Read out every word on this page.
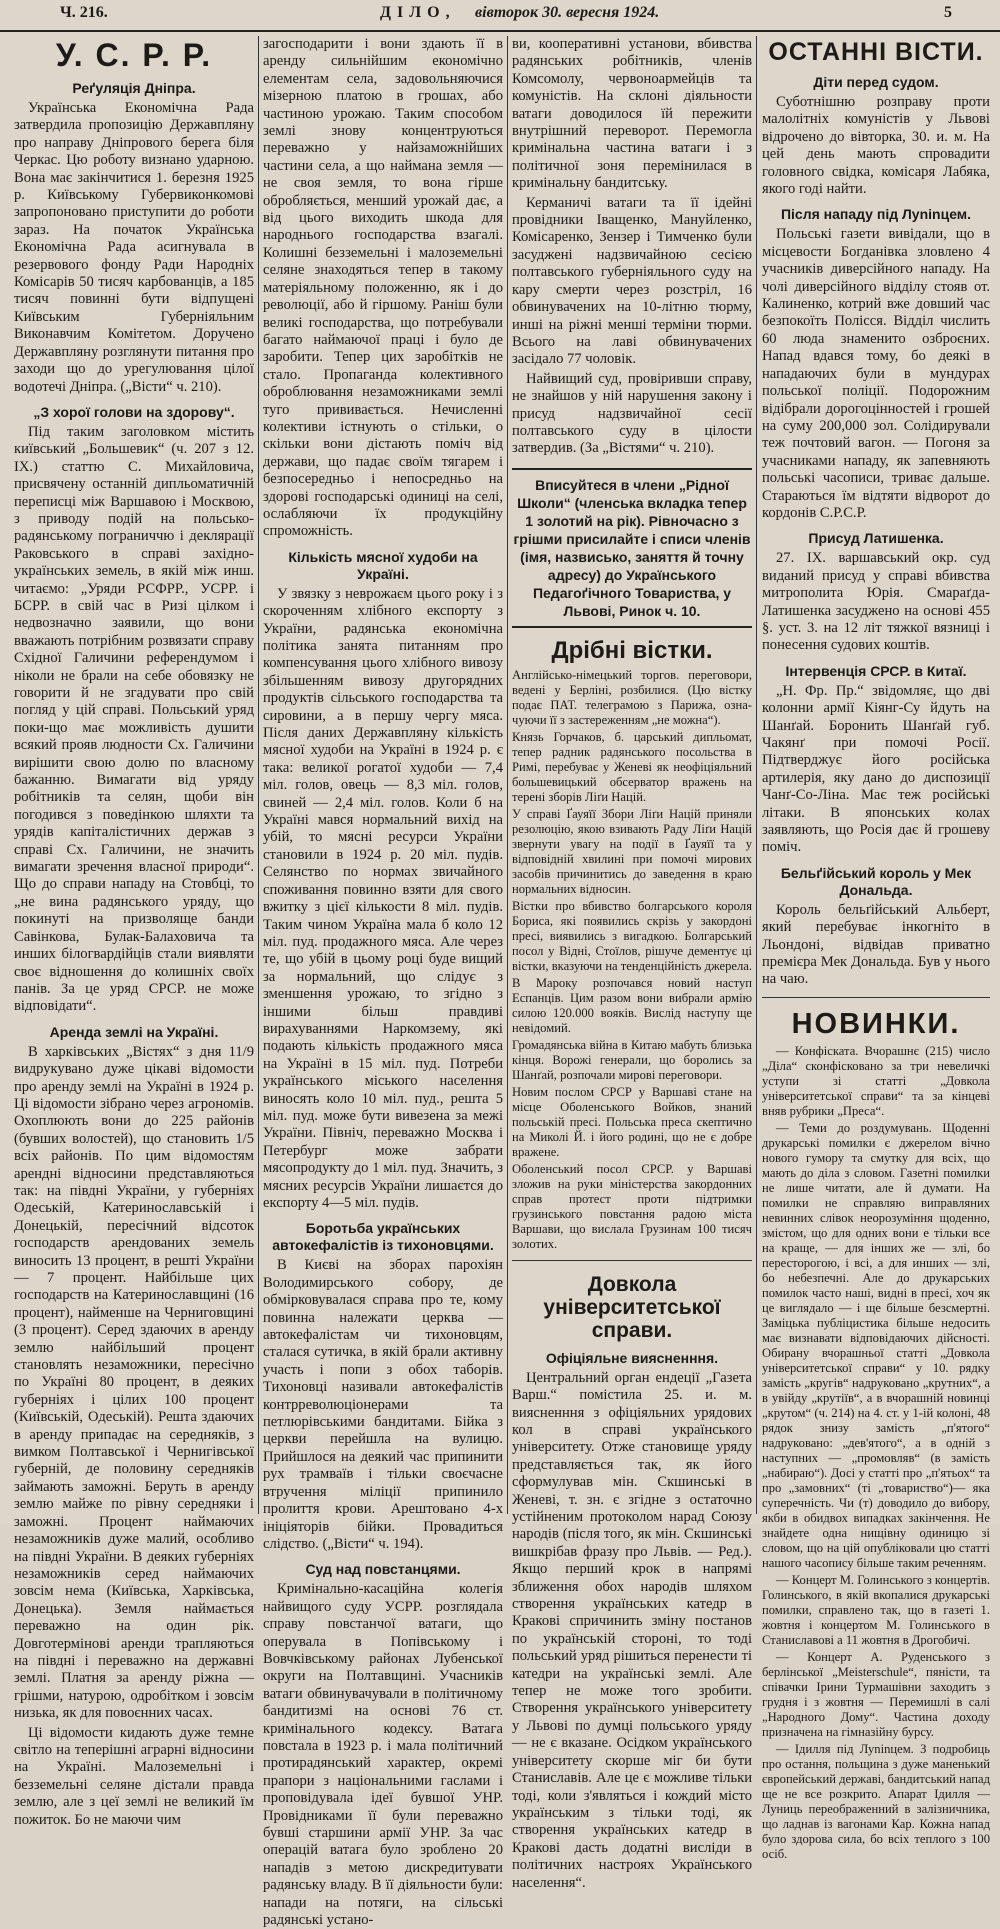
Ч. 216.	ДІЛО, вівторок 30. вересня 1924.	5
У. С. Р. Р.
Реґуляція Дніпра.

Українська Економічна Рада затвердила пропозицію Державпляну про направу Дніпрового берега біля Черкас. Цю роботу визнано ударною. Вона має закінчитися 1. березня 1925 р. Київському Губервиконкомові запропоновано приступити до роботи зараз. На початок Українська Економічна Рада асигнувала в резервового фонду Ради Народніх Комісарів 50 тисяч карбованців, а 185 тисяч повинні бути відпущені Київським Губерніяльним Виконавчим Комітетом. Доручено Державпляну розглянути питання про заходи що до урегулювання цілої водотечі Дніпра. („Вісти“ ч. 210).

„З хорої голови на здорову“.

Під таким заголовком містить київський „Большевик“ (ч. 207 з 12. IX.) статтю С. Михайловича, присвячену останній дипльоматичній переписці між Варшавою і Москвою, з приводу подій на польсько-радянському пограниччю і деклярації Раковського в справі західно-українських земель, в якій між инш. читаємо: „Уряди РСФРР., УСРР. і БСРР. в свій час в Ризі цілком і недвозначно заявили, що вони вважають потрібним розвязати справу Східної Галичини референдумом і ніколи не брали на себе обовязку не говорити й не згадувати про свій погляд у цій справі. Польський уряд поки-що має можливість душити всякий прояв людности Сх. Галичини вирішити свою долю по власному бажанню. Вимагати від уряду робітників та селян, щоби він погодився з поведінкою шляхти та урядів капіталістичних держав з справі Сх. Галичини, не значить вимагати зречення власної природи“. Що до справи нападу на Стовбці, то „не вина радянського уряду, що покинуті на призволяще банди Савінкова, Булак-Балаховича та инших білогвардійців стали виявляти своє відношення до колишніх своїх панів. За це уряд СРСР. не може відповідати“.

Аренда землі на Україні.

В харківських „Вістях“ з дня 11/9 видрукувано дуже цікаві відомости про аренду землі на Україні в 1924 р. Ці відомости зібрано через агрономів. Охоплюють вони до 225 районів (бувших волостей), що становить 1/5 всіх районів. По цим відомостям арендні відносини представляються так: на півдні України, у губерніях Одеській, Катеринославській і Донецькій, пересічний відсоток господарств арендованих земель виносить 13 процент, в решті України — 7 процент. Найбільше цих господарств на Катеринославщині (16 процент), найменше на Черниговщині (3 процент). Серед здаючих в аренду землю найбільший процент становлять незаможники, пересічно по Україні 80 процент, в деяких губерніях і цілих 100 процент (Київській, Одеській). Решта здаючих в аренду припадає на середняків, з вимком Полтавської і Чернигівської губерній, де половину середняків займають заможні. Беруть в аренду землю майже по рівну середняки і заможні. Процент наймаючих незаможників дуже малий, особливо на півдні України. В деяких губерніях незаможників серед наймаючих зовсім нема (Київська, Харківська, Донецька). Земля наймається переважно на один рік. Довготермінові аренди трапляються на півдні і переважно на державні землі. Платня за аренду ріжна — грішми, натурою, одробітком і зовсім низька, як для повоєнних часах.

Ці відомости кидають дуже темне світло на теперішні аграрні відносини на Україні. Малоземельні і безземельні селяне дістали правда землю, але з цеї землі не великий їм пожиток. Бо не маючи чим

загосподарити і вони здають її в аренду сильнійшим економічно елементам села, задовольняючися мізерною платою в грошах, або частиною урожаю. Таким способом землі знову концентруються переважно у найзаможнійших частини села, а що наймана земля — не своя земля, то вона гірше обробляється, менший урожай дає, а від цього виходить шкода для народнього господарства взагалі. Колишні безземельні і малоземельні селяне знаходяться тепер в такому матеріяльному положенню, як і до революції, або й гіршому. Раніш були великі господарства, що потребували багато наймаючої праці і було де заробити. Тепер цих заробітків не стало. Пропаганда колективного оброблювання незаможниками землі туго прививається. Нечисленні колективи істнують о стільки, о скільки вони дістають поміч від держави, що падає своїм тягарем і безпосередньо і непосредньо на здорові господарські одиниці на селі, ослабляючи їх продукційну спроможність.

Кількість мясної худоби на Україні.

У звязку з неврожаєм цього року і з скороченням хлібного експорту з України, радянська економічна політика занята питанням про компенсування цього хлібного вивозу збільшенням вивозу другорядних продуктів сільського господарства та сировини, а в першу чергу мяса. Після даних Державпляну кількість мясної худоби на Україні в 1924 р. є така: великої рогатої худоби — 7,4 міл. голов, овець — 8,3 міл. голов, свиней — 2,4 міл. голов. Коли б на Україні мався нормальний вихід на убій, то мясні ресурси України становили в 1924 р. 20 міл. пудів. Селянство по нормах звичайного споживання повинно взяти для свого вжитку з цієї кількости 8 міл. пудів. Таким чином Україна мала б коло 12 міл. пуд. продажного мяса. Але через те, що убій в цьому році буде вищий за нормальний, що слідує з зменшення урожаю, то згідно з іншими більш правдиві вирахуваннями Наркомзему, які подають кількість продажного мяса на Україні в 15 міл. пуд. Потреби українського міського населення виносять коло 10 міл. пуд., решта 5 міл. пуд. може бути вивезена за межі України. Північ, переважно Москва і Петербург може забрати мясопродукту до 1 міл. пуд. Значить, з мясних ресурсів України лишаєтся до експорту 4—5 міл. пудів.

Боротьба українських автокефалістів із тихоновцями.

В Києві на зборах парохіян Володимирського собору, де обмірковувалася справа про те, кому повинна належати церква — автокефалістам чи тихоновцям, сталася сутичка, в якій брали активну участь і попи з обох таборів. Тихоновці називали автокефалістів контрреволюціонерами та петлюрівськими бандитами. Бійка з церкви перейшла на вулицю. Прийшлося на деякий час припинити рух трамваїв і тільки своєчасне втручення міліції припинило пролиття крови. Арештовано 4-х ініціяторів бійки. Провадиться слідство. („Вісти“ ч. 194).

Суд над повстанцями.

Кримінально-касаційна колегія найвищого суду УСРР. розглядала справу повстанчої ватаги, що оперувала в Попівському і Вовчківському районах Лубенської округи на Полтавщині. Учасників ватаги обвинувачували в політичному бандитизмі на основі 76 ст. кримінального кодексу. Ватага повстала в 1923 р. і мала політичний протирадянський характер, окремі прапори з національними гаслами і проповідувала ідеї бувшої УНР. Провідниками її були переважно бувші старшини армії УНР. За час операцій ватага було зроблено 20 нападів з метою дискредитувати радянську владу. В її діяльности були: напади на потяги, на сільські радянські устано-

ви, кооперативні установи, вбивства радянських робітників, членів Комсомолу, червоноармейців та комуністів. На склоні діяльности ватаги доводилося їй пережити внутрішний переворот. Перемогла кримінальна частина ватаги і з політичної зоня перемінилася в кримінальну бандитську.

Керманичі ватаги та її ідейні провідники Іващенко, Мануйленко, Комісаренко, Зензер і Тимченко були засуджені надзвичайною сесією полтавського губерніяльного суду на кару смерти через розстріл, 16 обвинувачених на 10-літню тюрму, инші на ріжні менші терміни тюрми. Всього на лаві обвинувачених засідало 77 чоловік.

Найвищий суд, провіривши справу, не знайшов у ній нарушення закону і присуд надзвичайної сесії полтавського суду в цілости затвердив. (За „Вістями“ ч. 210).

Вписуйтеся в члени „Рідної Школи“ (членська вкладка тепер 1 золотий на рік). Рівночасно з грішми присилайте і списи членів (імя, назвисько, заняття й точну адресу) до Українського Педагоґічного Товариства, у Львові, Ринок ч. 10.
Дрібні вістки.

Англійсько-німецький торгов. переговори, ведені у Берліні, розбилися. (Цю вістку подає ПАТ. телеграмою з Парижа, означуючи її з застереженням „не можна“).

Князь Горчаков, б. царський дипльомат, тепер радник радянського посольства в Римі, перебуває у Женеві як неофіціяльний большевицький обсерватор вражень на терені зборів Ліґи Націй.

У справі Ґауяїї Збори Ліґи Націй приняли резолюцію, якою взивають Раду Ліґи Націй звернути увагу на події в Ґауяїї та у відповідній хвилині при помочі мирових засобів причинитись до заведення в краю нормальних відносин.

Вістки про вбивство болгарського короля Бориса, які появились скрізь у закордоні пресі, виявились з вигадкою. Болгарський посол у Відні, Стоїлов, рішуче дементує ці вістки, вказуючи на тенденційність джерела.

В Мароку розпочався новий наступ Еспанців. Цим разом вони вибрали армію силою 120.000 вояків. Вислід наступу ще невідомий.

Громадянська війна в Китаю мабуть близька кінця. Ворожі генерали, що боролись за Шанґай, розпочали мирові переговори.

Новим послом СРСР у Варшаві стане на місце Оболенського Войков, знаний польській пресі. Польська преса скептично на Миколі Й. і його родині, що не є добре вражене.

Оболенський посол СРСР. у Варшаві зложив на руки міністерства закордонних справ протест проти підтримки грузинського повстання радою міста Варшави, що вислала Грузинам 100 тисяч золотих.

Довкола університетської справи.
Офіціяльне виясненння.

Центральний орган ендеції „Газета Варш.“ помістила 25. и. м. виясненння з офіціяльних урядових кол в справі українського університету. Отже становище уряду представляється так, як його сформулував мін. Скшинські в Женеві, т. зн. є згідне з остаточно устійненим протоколом нарад Союзу народів (після того, як мін. Скшинські вишкрібав фразу про Львів. — Ред.). Якщо перший крок в напрямі зближення обох народів шляхом створення українських катедр в Кракові спричинить зміну постанов по українській стороні, то тоді польський уряд рішиться перенести ті катедри на українські землі. Але тепер не може того зробити. Створення українського університету у Львові по думці польського уряду — не є вказане. Осідком українського університету скорше міг би бути Станиславів. Але це є можливе тільки тоді, коли з'являться і кождий місто українським з тільки тоді, як створення українських катедр в Кракові дасть додатні висліди в політичних настроях Українського населення“.

ОСТАННІ ВІСТИ.
Діти перед судом.

Суботнішню розправу проти малолітніх комуністів у Львові відрочено до вівторка, 30. и. м. На цей день мають спровадити головного свідка, комісаря Лабяка, якого годі найти.

Після нападу під Луninцем.

Польські газети вивідали, що в місцевости Богданівка зловлено 4 учасників диверсійного нападу. На чолі диверсійного відділу стояв от. Калиненко, котрий вже довший час безпокоїть Полісся. Відділ числить 60 люда знаменито озброєних. Напад вдався тому, бо деякі в нападаючих були в мундурах польської поліції. Подорожним відібрали дорогоцінностей і грошей на суму 200,000 зол. Солідирували теж почтовий вагон. — Погоня за учасниками нападу, як запевняють польські часописи, триває дальше. Стараються їм відтяти відворот до кордонів С.Р.С.Р.

Присуд Латишенка.

27. IX. варшавський окр. суд виданий присуд у справі вбивства митрополита Юрія. Смараґда-Латишенка засуджено на основі 455 §. уст. 3. на 12 літ тяжкої вязниці і понесення судових коштів.

Інтервенція СРСР. в Китаї.

„Н. Фр. Пр.“ звідомляє, що дві колонни армії Кіянг-Су йдуть на Шанґай. Боронить Шанґай губ. Чакянґ при помочі Росії. Підтверджує його російська артилерія, яку дано до диспозиції Чанґ-Со-Ліна. Має теж російські літаки. В японських колах заявляють, що Росія дає й грошеву поміч.

Бельґійський король у Мек Дональда.

Король бельґійський Альберт, який перебуває інкогніто в Льондоні, відвідав приватно премієра Мек Дональда. Був у нього на чаю.

НОВИНКИ.

— Конфіската. Вчорашнє (215) число „Діла“ сконфісковано за три невеличкі уступи зі статті „Довкола університетської справи“ та за кінцеві вняв рубрики „Преса“.

— Теми до роздумувань. Щоденні друкарські помилки є джерелом вічно нового гумору та смутку для всіх, що мають до діла з словом. Газетні помилки не лише читати, але й думати. На помилки не справляю виправляних невинних слівок неорозуміння щоденно, змістом, що для одних вони е тільки все на краще, — для інших же — злі, бо пересторогою, і всі, а для инших — злі, бо небезпечні. Але до друкарських помилок часто наші, видні в пресі, хоч як це виглядало — і ще більше безсмертні. Заміцька публіцистика більше недосить має визнавати відповідаючих дійсності. Обирану вчорашньої статті „Довкола університетської справи“ у 10. рядку замість „кругів“ надруковано „крутних“, а в увійду „крутіїв“, а в вчорашній новинці „крутом“ (ч. 214) на 4. ст. у 1-ій колоні, 48 рядок знизу замість „п'ятого“ надруковано: „дев'ятого“, а в одній з наступних — „промовляв“ (в замість „набираю“). Досі у статті про „п'ятьох“ та про „замовних“ (ті „товариство“)— яка суперечність. Чи (т) доводило до вибору, якби в обидвох випадках закінчення. Не знайдете одна нищівну одиницю зі словом, що на цій опубліковали цю статті нашого часопису більше таким реченням.

— Концерт М. Голинського з концертів. Голинського, в якій вкопалися друкарські помилки, справлено так, що в газеті 1. жовтня і концертом М. Голинського в Станиславові а 11 жовтня в Дрогобичі.

— Концерт А. Руденського з берлінської „Meisterschule“, пяністи, та співачки Ірини Турмашівни заходить з грудня і з жовтня — Перемишлі в салі „Народного Дому“. Частина доходу призначена на гімназійну бурсу.

— Ідилля під Луninцем. З подробиць про остання, польщина з дуже маненький європейський державі, бандитський напад ще не все розкрито. Апарат Ідилля — Луниць переображенний в залізничника, що ладнав із вагонами Кар. Кожна напад було здорова сила, бо всіх теплого з 100 осіб.
